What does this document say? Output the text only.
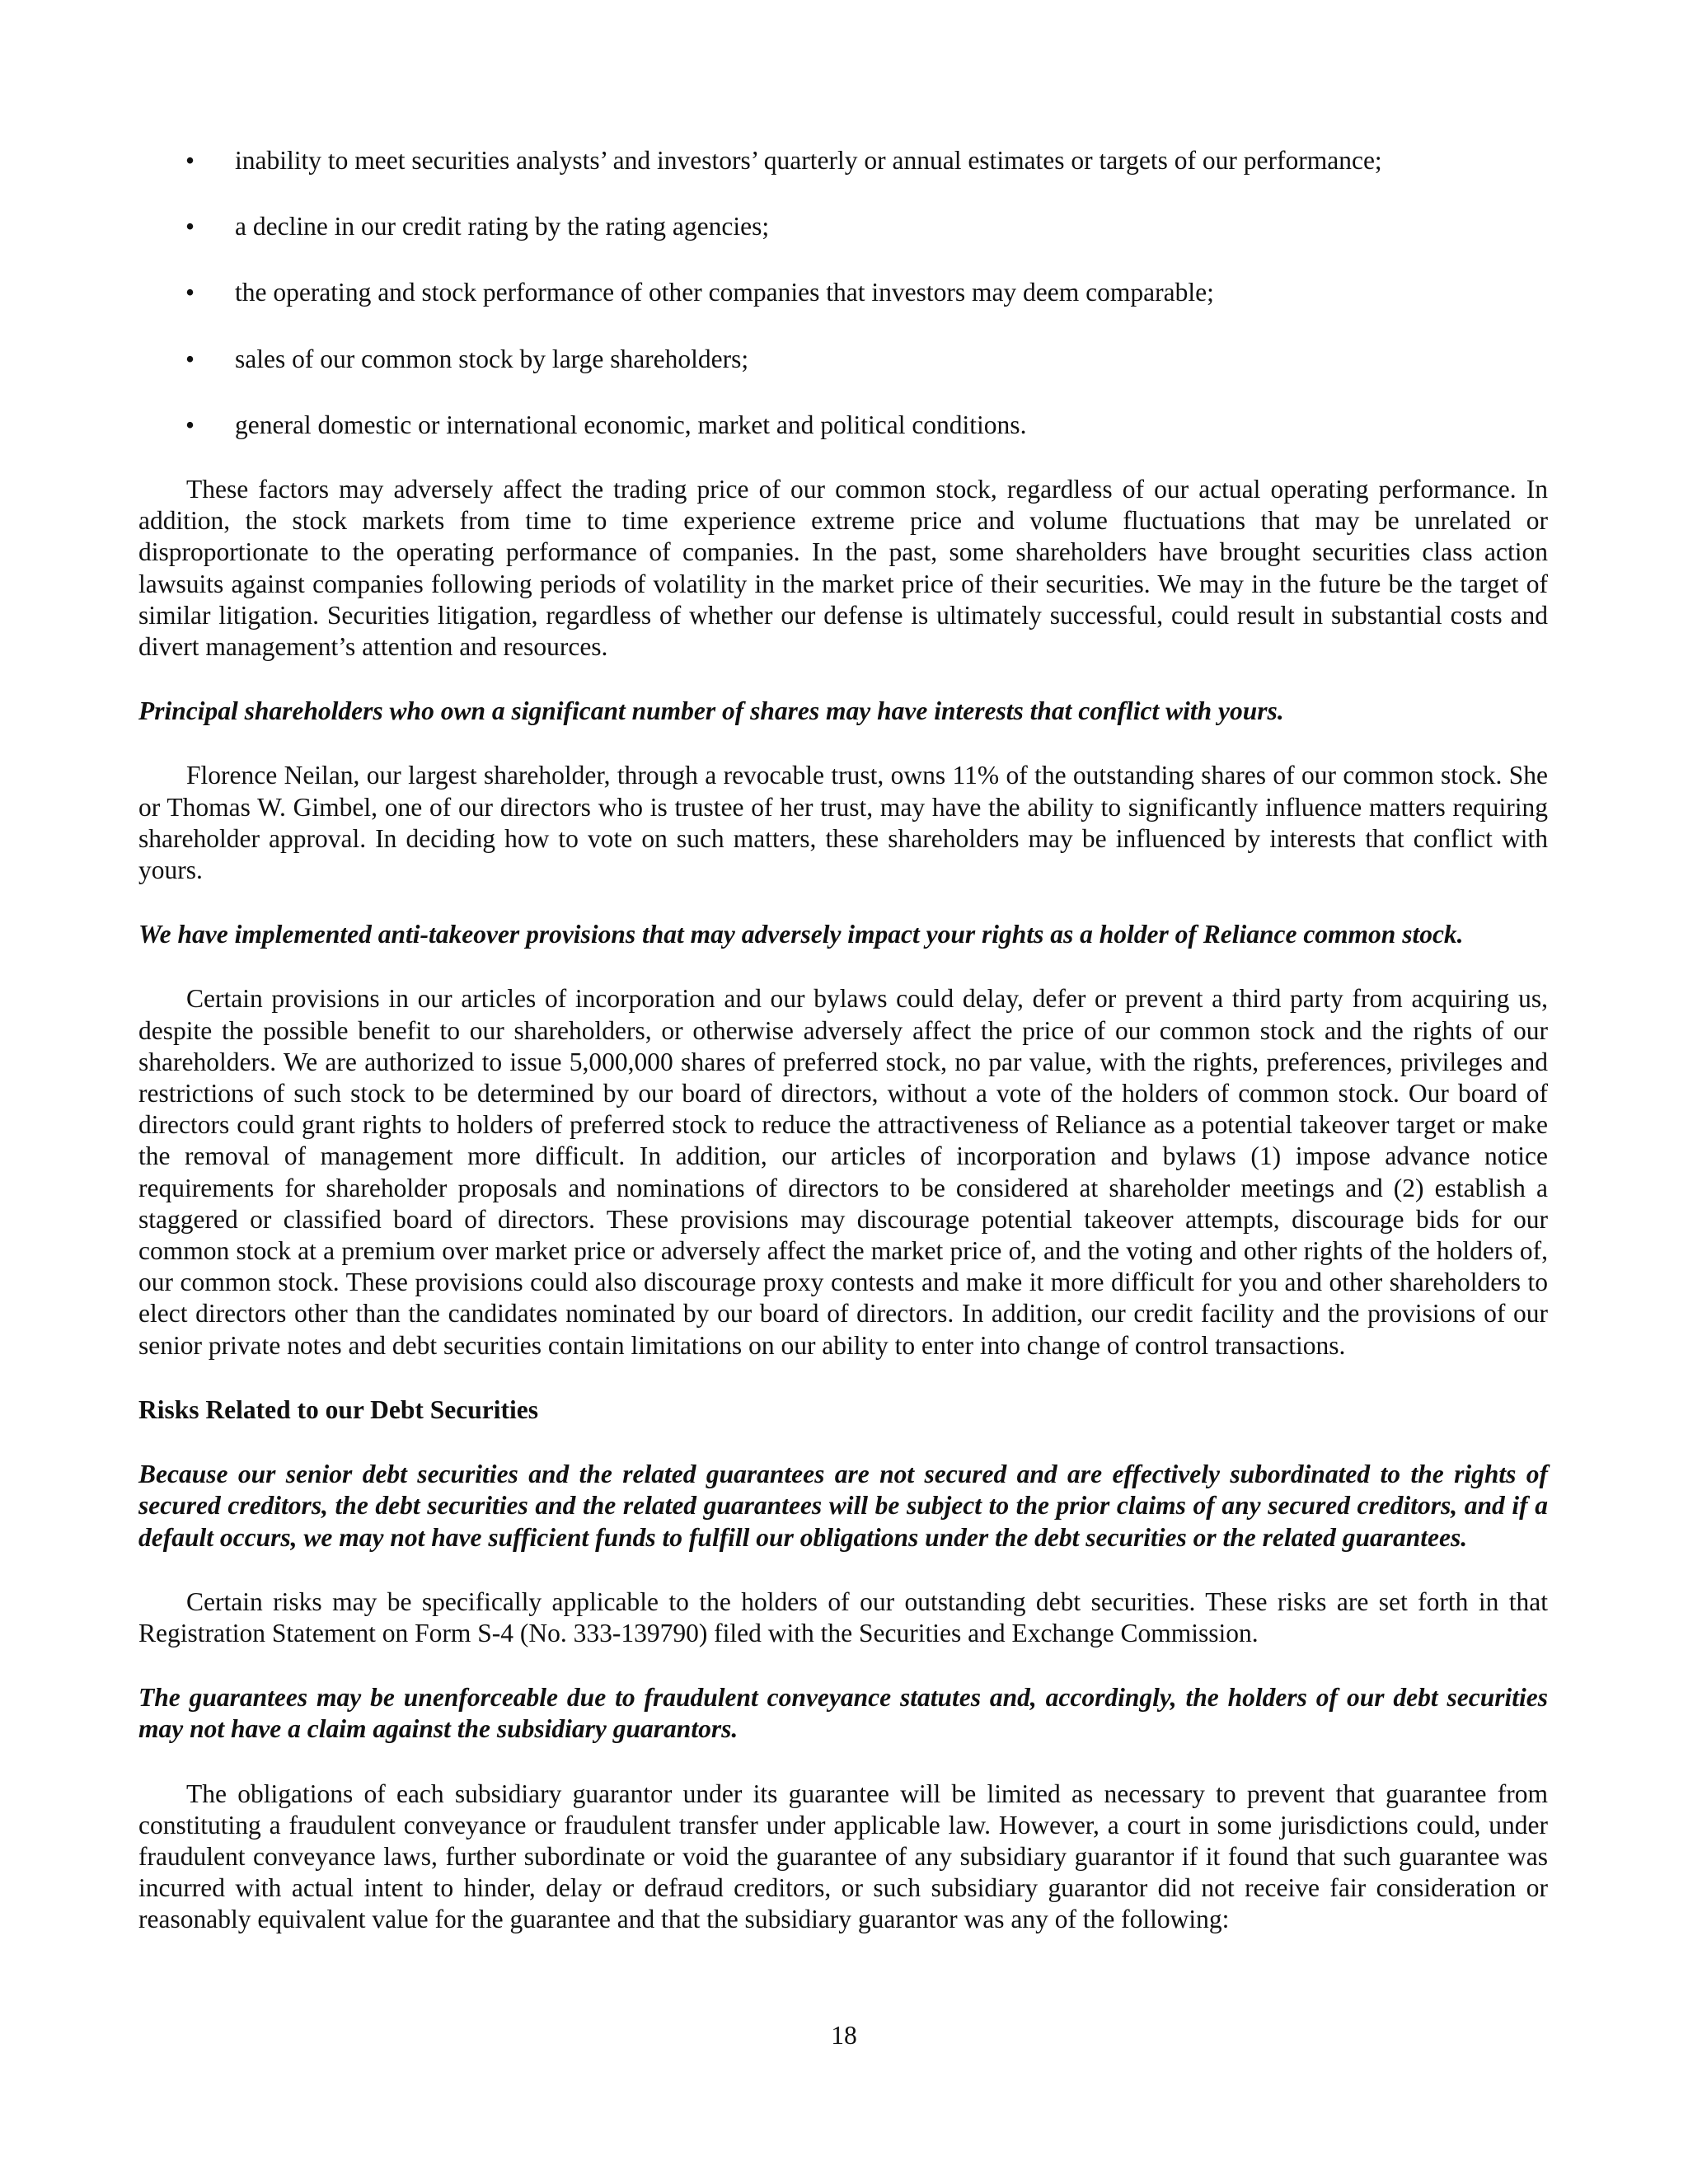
• inability to meet securities analysts’ and investors’ quarterly or annual estimates or targets of our performance;
• a decline in our credit rating by the rating agencies;
• the operating and stock performance of other companies that investors may deem comparable;
• sales of our common stock by large shareholders;
• general domestic or international economic, market and political conditions.

These factors may adversely affect the trading price of our common stock, regardless of our actual operating performance. In addition, the stock markets from time to time experience extreme price and volume fluctuations that may be unrelated or disproportionate to the operating performance of companies. In the past, some shareholders have brought securities class action lawsuits against companies following periods of volatility in the market price of their securities. We may in the future be the target of similar litigation. Securities litigation, regardless of whether our defense is ultimately successful, could result in substantial costs and divert management’s attention and resources.

Principal shareholders who own a significant number of shares may have interests that conflict with yours.

Florence Neilan, our largest shareholder, through a revocable trust, owns 11% of the outstanding shares of our common stock. She or Thomas W. Gimbel, one of our directors who is trustee of her trust, may have the ability to significantly influence matters requiring shareholder approval. In deciding how to vote on such matters, these shareholders may be influenced by interests that conflict with yours.

We have implemented anti-takeover provisions that may adversely impact your rights as a holder of Reliance common stock.

Certain provisions in our articles of incorporation and our bylaws could delay, defer or prevent a third party from acquiring us, despite the possible benefit to our shareholders, or otherwise adversely affect the price of our common stock and the rights of our shareholders. We are authorized to issue 5,000,000 shares of preferred stock, no par value, with the rights, preferences, privileges and restrictions of such stock to be determined by our board of directors, without a vote of the holders of common stock. Our board of directors could grant rights to holders of preferred stock to reduce the attractiveness of Reliance as a potential takeover target or make the removal of management more difficult. In addition, our articles of incorporation and bylaws (1) impose advance notice requirements for shareholder proposals and nominations of directors to be considered at shareholder meetings and (2) establish a staggered or classified board of directors. These provisions may discourage potential takeover attempts, discourage bids for our common stock at a premium over market price or adversely affect the market price of, and the voting and other rights of the holders of, our common stock. These provisions could also discourage proxy contests and make it more difficult for you and other shareholders to elect directors other than the candidates nominated by our board of directors. In addition, our credit facility and the provisions of our senior private notes and debt securities contain limitations on our ability to enter into change of control transactions.

Risks Related to our Debt Securities
Because our senior debt securities and the related guarantees are not secured and are effectively subordinated to the rights of secured creditors, the debt securities and the related guarantees will be subject to the prior claims of any secured creditors, and if a default occurs, we may not have sufficient funds to fulfill our obligations under the debt securities or the related guarantees.

Certain risks may be specifically applicable to the holders of our outstanding debt securities. These risks are set forth in that Registration Statement on Form S-4 (No. 333-139790) filed with the Securities and Exchange Commission.

The guarantees may be unenforceable due to fraudulent conveyance statutes and, accordingly, the holders of our debt securities may not have a claim against the subsidiary guarantors.

The obligations of each subsidiary guarantor under its guarantee will be limited as necessary to prevent that guarantee from constituting a fraudulent conveyance or fraudulent transfer under applicable law. However, a court in some jurisdictions could, under fraudulent conveyance laws, further subordinate or void the guarantee of any subsidiary guarantor if it found that such guarantee was incurred with actual intent to hinder, delay or defraud creditors, or such subsidiary guarantor did not receive fair consideration or reasonably equivalent value for the guarantee and that the subsidiary guarantor was any of the following:

18
